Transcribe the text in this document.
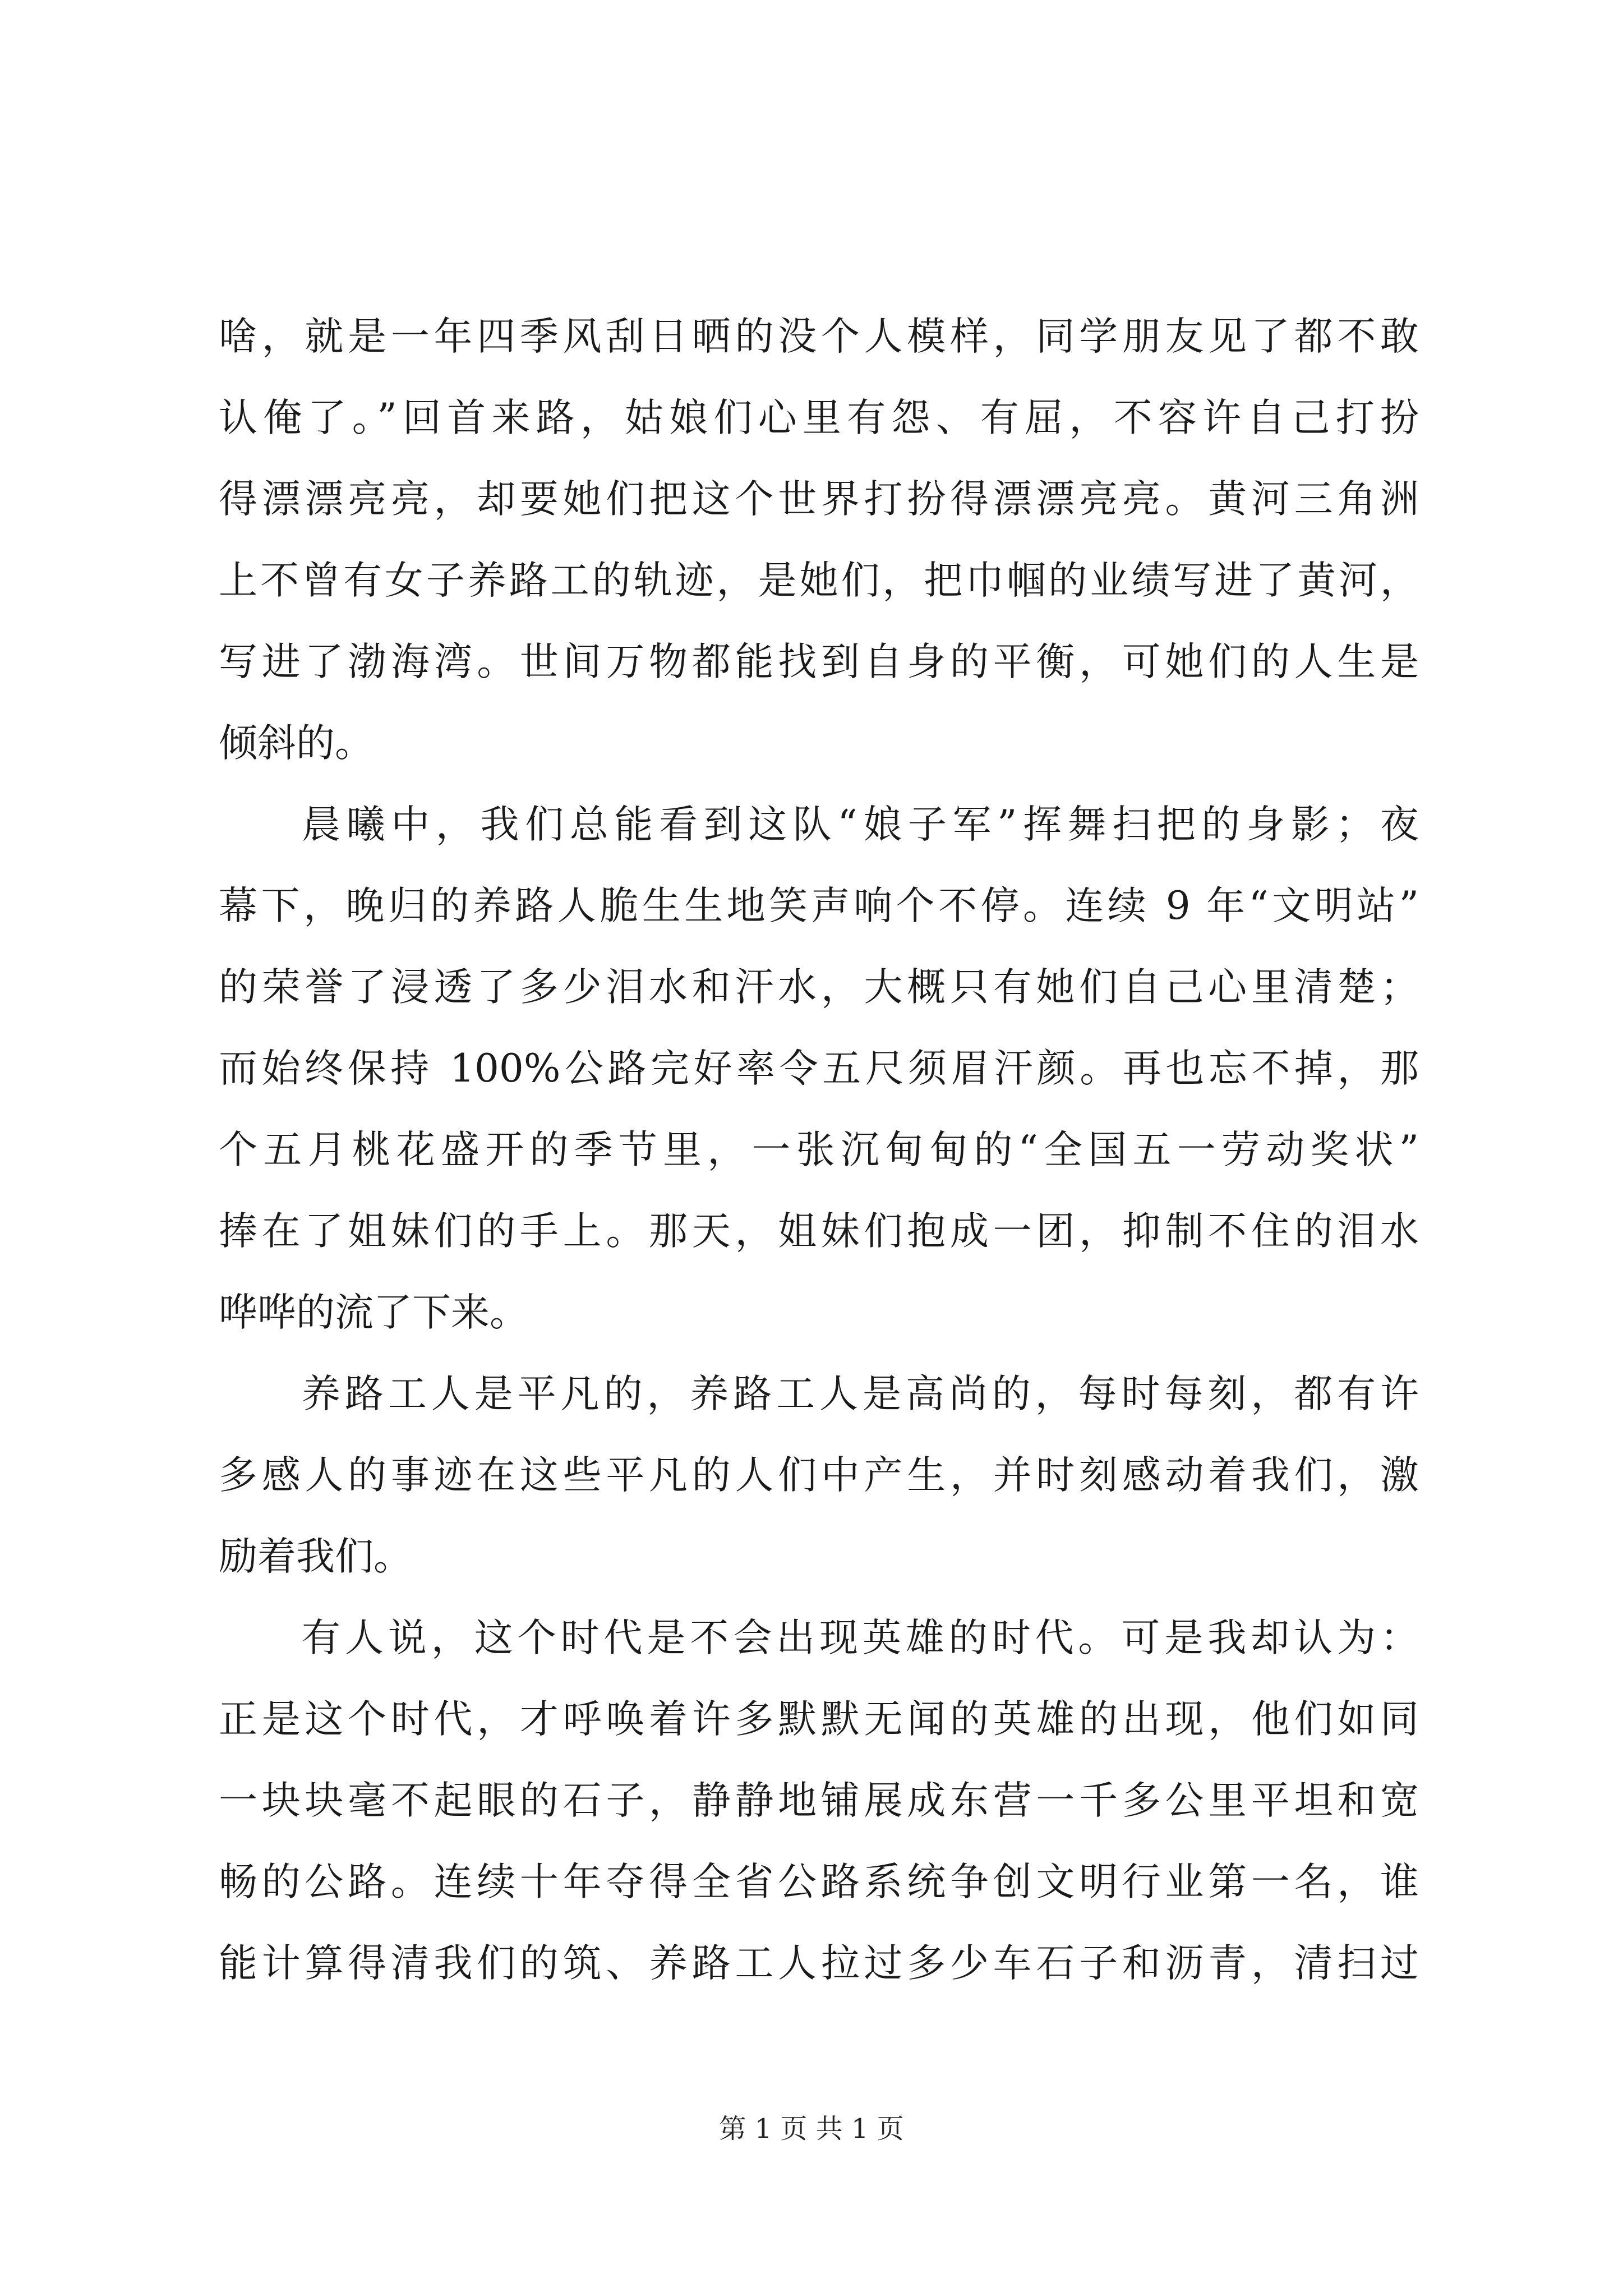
啥，就是一年四季风刮日晒的没个人模样，同学朋友见了都不敢
认俺了。”回首来路，姑娘们心里有怨、有屈，不容许自己打扮
得漂漂亮亮，却要她们把这个世界打扮得漂漂亮亮。黄河三角洲
上不曾有女子养路工的轨迹，是她们，把巾帼的业绩写进了黄河，
写进了渤海湾。世间万物都能找到自身的平衡，可她们的人生是
倾斜的。
晨曦中，我们总能看到这队“娘子军”挥舞扫把的身影；夜
幕下，晚归的养路人脆生生地笑声响个不停。连续 9 年“文明站”
的荣誉了浸透了多少泪水和汗水，大概只有她们自己心里清楚；
而始终保持 100%公路完好率令五尺须眉汗颜。再也忘不掉，那
个五月桃花盛开的季节里，一张沉甸甸的“全国五一劳动奖状”
捧在了姐妹们的手上。那天，姐妹们抱成一团，抑制不住的泪水
哗哗的流了下来。
养路工人是平凡的，养路工人是高尚的，每时每刻，都有许
多感人的事迹在这些平凡的人们中产生，并时刻感动着我们，激
励着我们。
有人说，这个时代是不会出现英雄的时代。可是我却认为：
正是这个时代，才呼唤着许多默默无闻的英雄的出现，他们如同
一块块毫不起眼的石子，静静地铺展成东营一千多公里平坦和宽
畅的公路。连续十年夺得全省公路系统争创文明行业第一名，谁
能计算得清我们的筑、养路工人拉过多少车石子和沥青，清扫过
第 1 页 共 1 页
